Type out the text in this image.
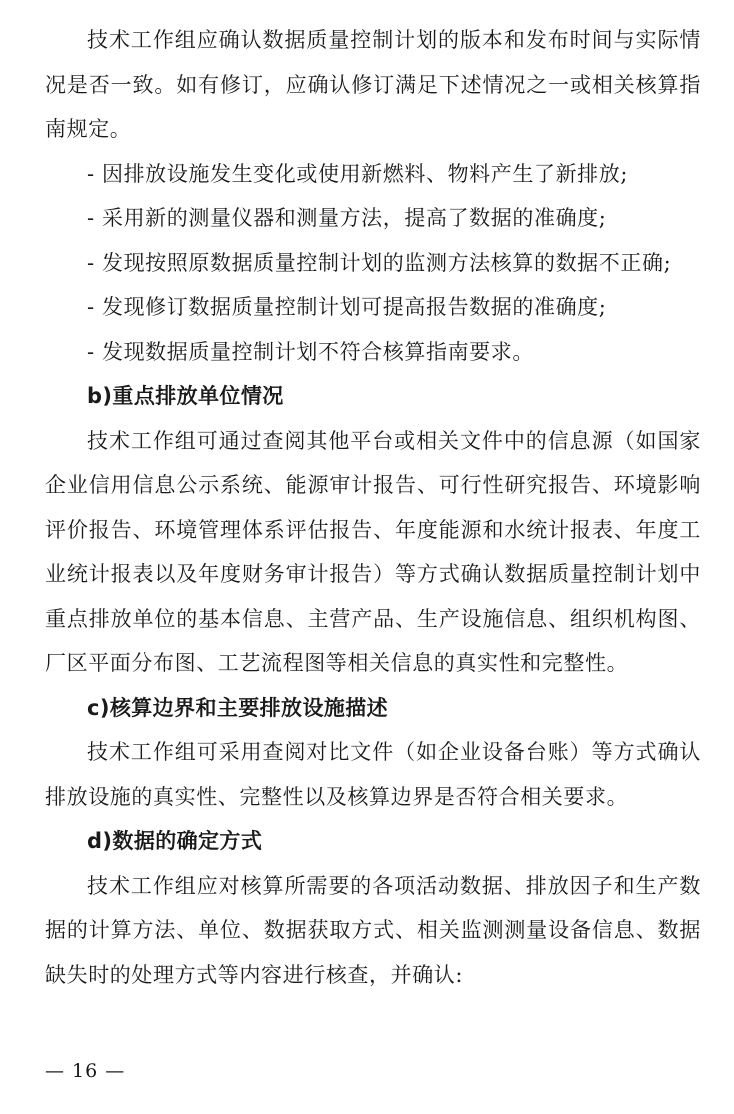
技术工作组应确认数据质量控制计划的版本和发布时间与实际情况是否一致。如有修订，应确认修订满足下述情况之一或相关核算指南规定。

- 因排放设施发生变化或使用新燃料、物料产生了新排放;

- 采用新的测量仪器和测量方法，提高了数据的准确度;

- 发现按照原数据质量控制计划的监测方法核算的数据不正确;

- 发现修订数据质量控制计划可提高报告数据的准确度;

- 发现数据质量控制计划不符合核算指南要求。

b)重点排放单位情况

技术工作组可通过查阅其他平台或相关文件中的信息源（如国家企业信用信息公示系统、能源审计报告、可行性研究报告、环境影响评价报告、环境管理体系评估报告、年度能源和水统计报表、年度工业统计报表以及年度财务审计报告）等方式确认数据质量控制计划中重点排放单位的基本信息、主营产品、生产设施信息、组织机构图、厂区平面分布图、工艺流程图等相关信息的真实性和完整性。

c)核算边界和主要排放设施描述

技术工作组可采用查阅对比文件（如企业设备台账）等方式确认排放设施的真实性、完整性以及核算边界是否符合相关要求。

d)数据的确定方式

技术工作组应对核算所需要的各项活动数据、排放因子和生产数据的计算方法、单位、数据获取方式、相关监测测量设备信息、数据缺失时的处理方式等内容进行核查，并确认:

— 16 —
